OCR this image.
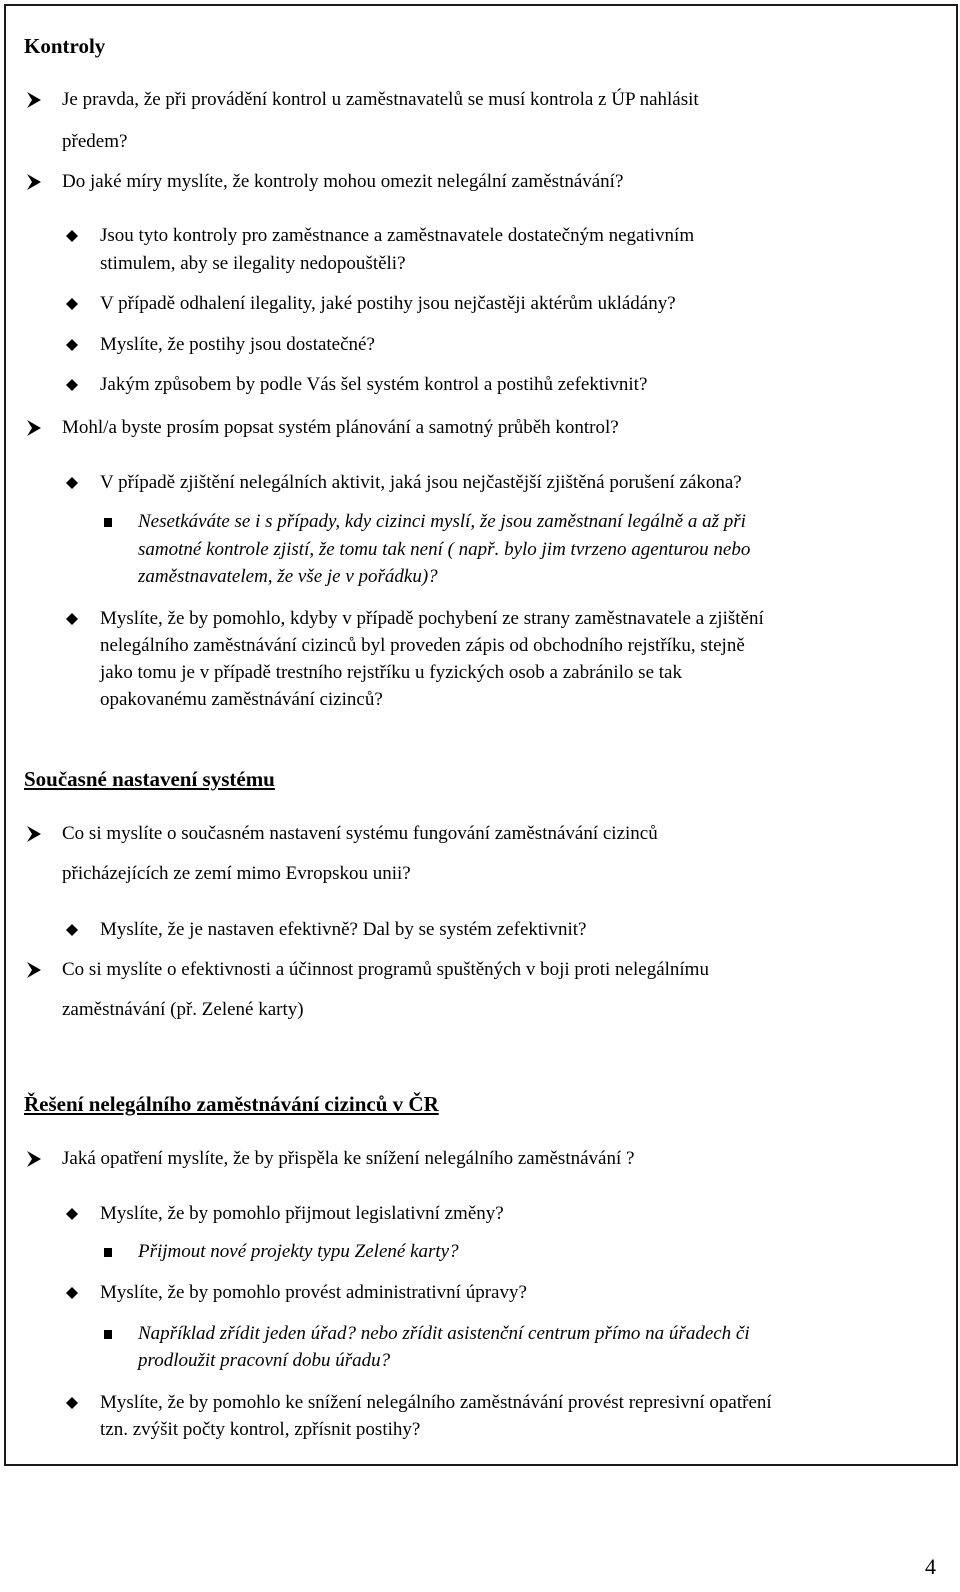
Kontroly
Je pravda, že při provádění kontrol u zaměstnavatelů se musí kontrola z ÚP nahlásit
předem?
Do jaké míry myslíte, že kontroly mohou omezit nelegální zaměstnávání?
Jsou tyto kontroly pro zaměstnance a zaměstnavatele dostatečným negativním
stimulem, aby se ilegality nedopouštěli?
V případě odhalení ilegality, jaké postihy jsou nejčastěji aktérům ukládány?
Myslíte, že postihy jsou dostatečné?
Jakým způsobem by podle Vás šel systém kontrol a postihů zefektivnit?
Mohl/a byste prosím popsat systém plánování a samotný průběh kontrol?
V případě zjištění nelegálních aktivit, jaká jsou nejčastější zjištěná porušení zákona?
Nesetkáváte se i s případy, kdy cizinci myslí, že jsou zaměstnaní legálně a až při
samotné kontrole zjistí, že tomu tak není ( např. bylo jim tvrzeno agenturou nebo
zaměstnavatelem, že vše je v pořádku)?
Myslíte, že by pomohlo, kdyby v případě pochybení ze strany zaměstnavatele a zjištění
nelegálního zaměstnávání cizinců byl proveden zápis od obchodního rejstříku, stejně
jako tomu je v případě trestního rejstříku u fyzických osob a zabránilo se tak
opakovanému zaměstnávání cizinců?
Současné nastavení systému
Co si myslíte o současném nastavení systému fungování zaměstnávání cizinců
přicházejících ze zemí mimo Evropskou unii?
Myslíte, že je nastaven efektivně? Dal by se systém zefektivnit?
Co si myslíte o efektivnosti a účinnost programů spuštěných v boji proti nelegálnímu
zaměstnávání (př. Zelené karty)
Řešení nelegálního zaměstnávání cizinců v ČR
Jaká opatření myslíte, že by přispěla ke snížení nelegálního zaměstnávání ?
Myslíte, že by pomohlo přijmout legislativní změny?
Přijmout nové projekty typu Zelené karty?
Myslíte, že by pomohlo provést administrativní úpravy?
Například zřídit jeden úřad? nebo zřídit asistenční centrum přímo na úřadech či
prodloužit pracovní dobu úřadu?
Myslíte, že by pomohlo ke snížení nelegálního zaměstnávání provést represivní opatření
tzn. zvýšit počty kontrol, zpřísnit postihy?
4
